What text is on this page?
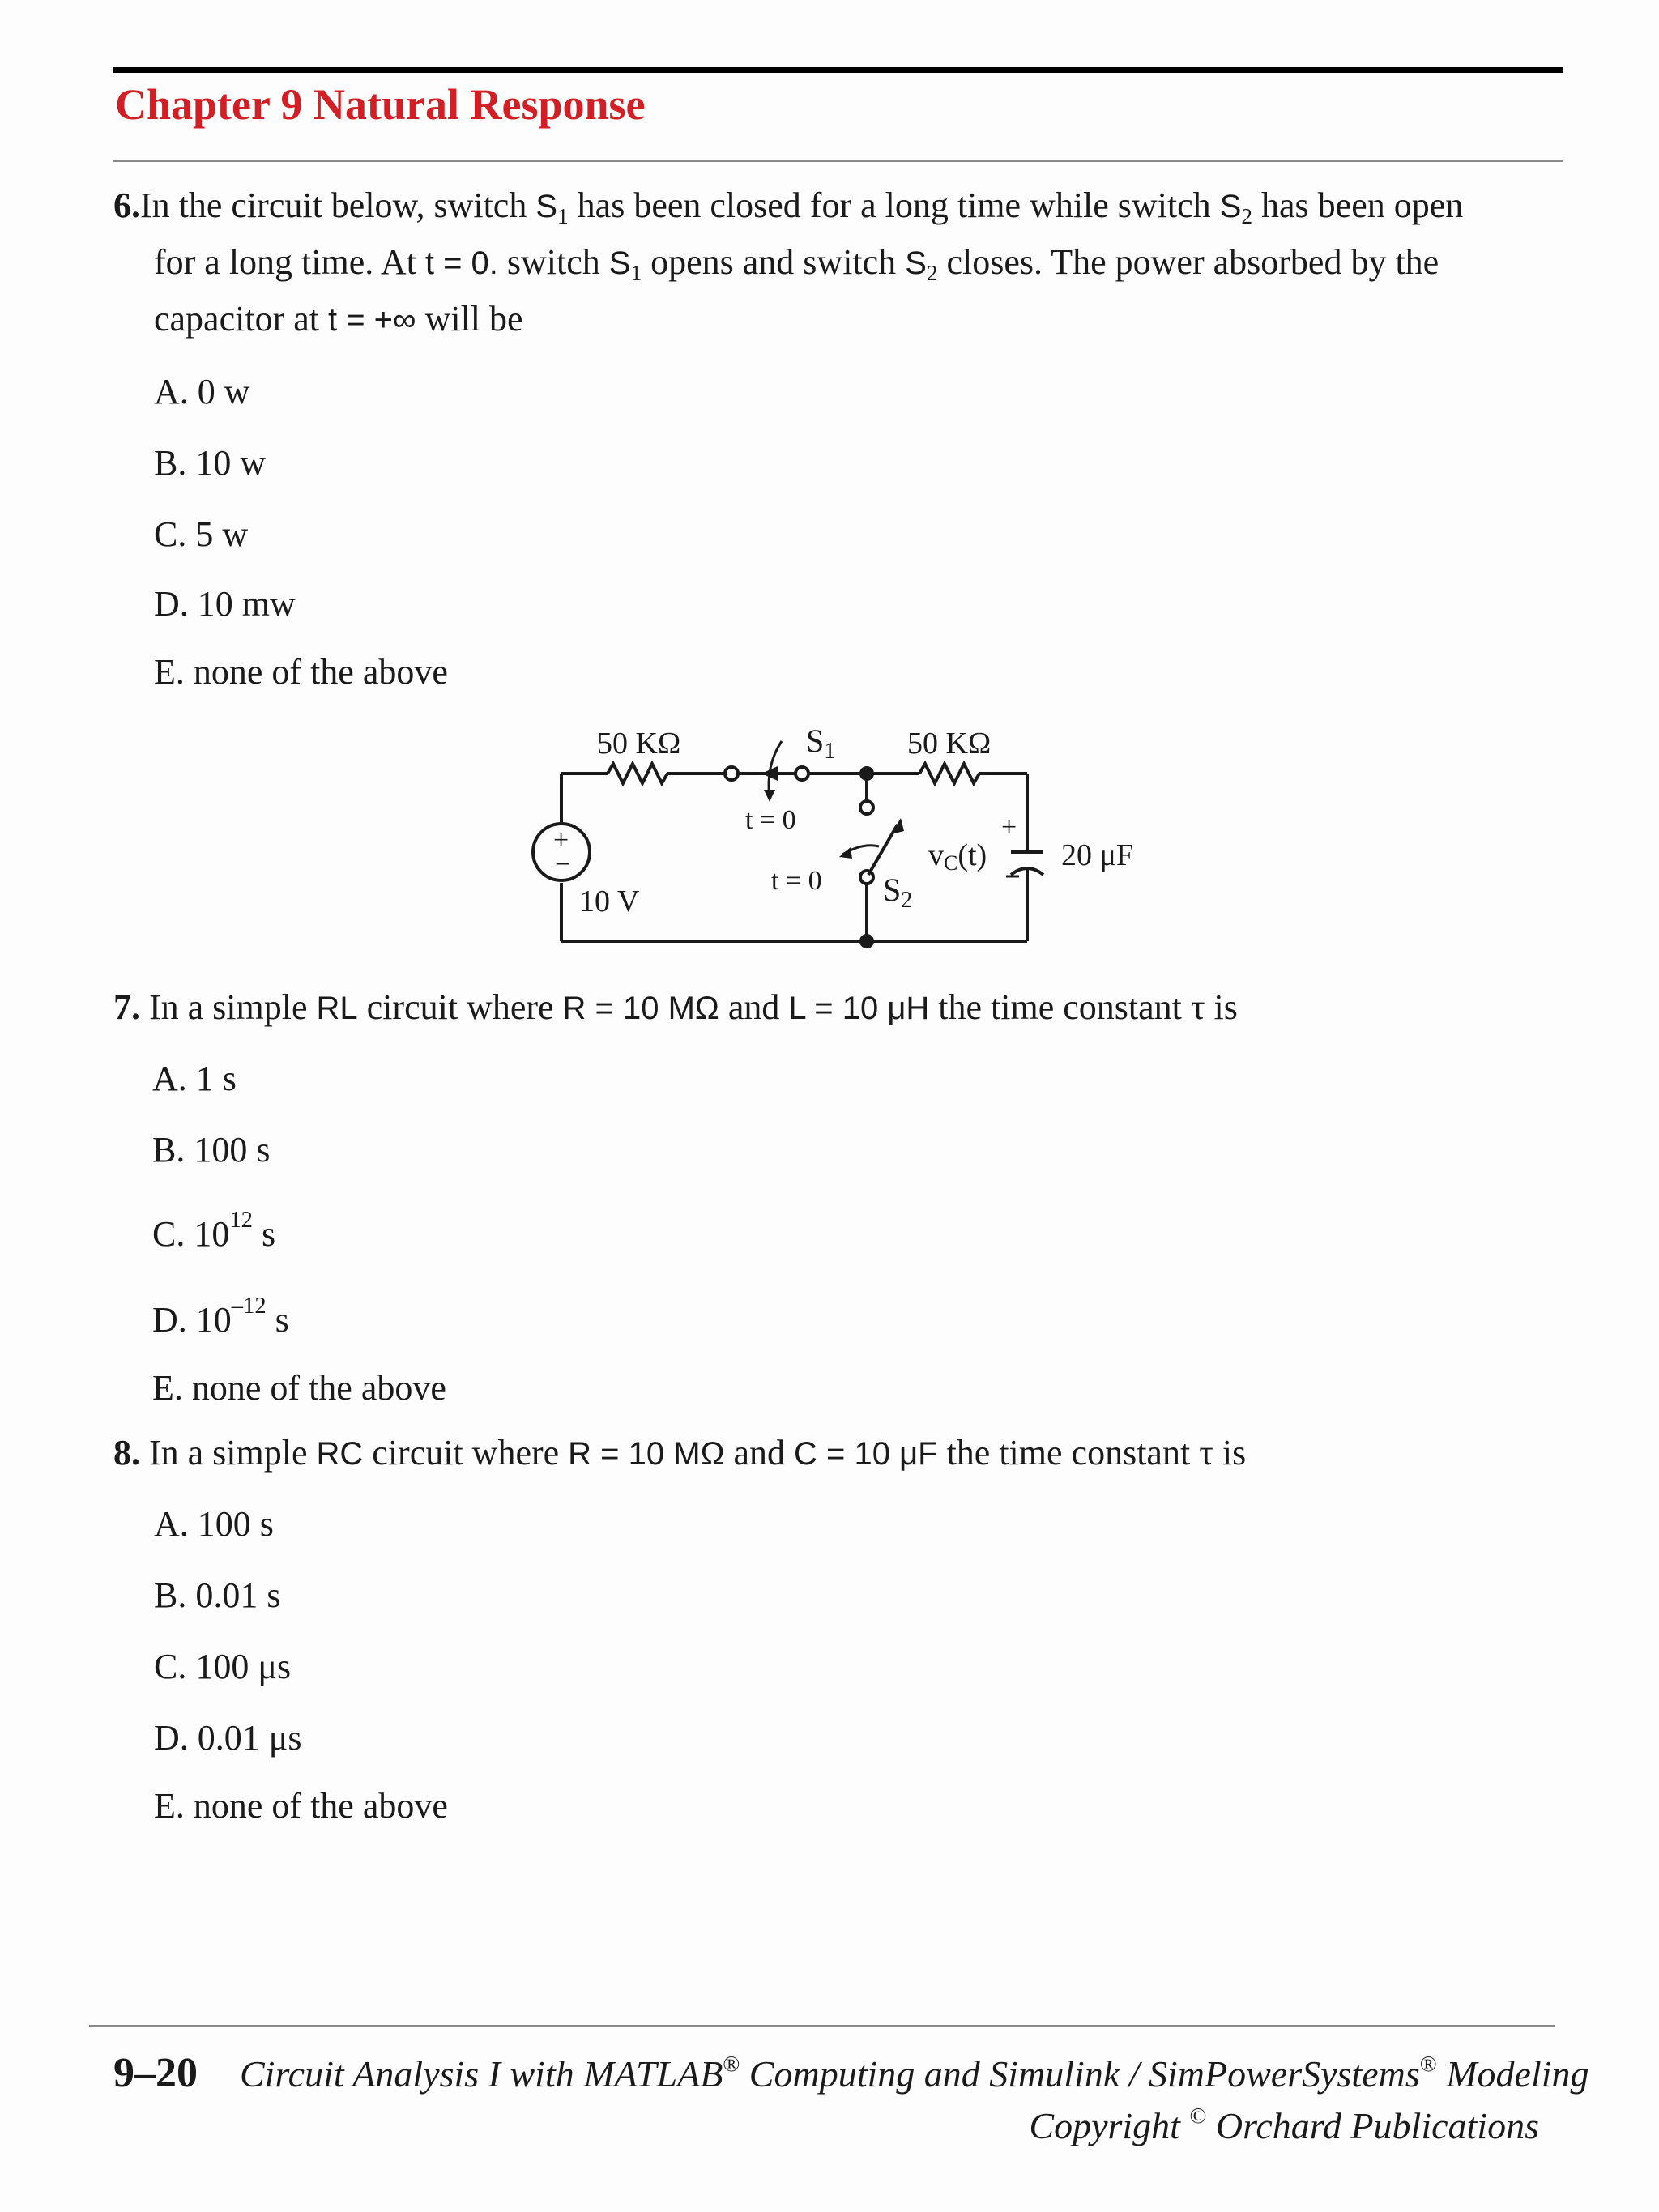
Chapter 9 Natural Response
6.In the circuit below, switch $S_1$ has been closed for a long time while switch $S_2$ has been open
for a long time. At t = 0. switch $S_1$ opens and switch $S_2$ closes. The power absorbed by the
capacitor at t = +∞ will be
A. 0 w
B. 10 w
C. 5 w
D. 10 mw
E. none of the above
50 KΩ	50 KΩ
$S_1$
t = 0
t = 0 $S_2$
10 V
+
−
+
vC(t) 20 μF
7. In a simple RL circuit where R = 10 MΩ and L = 10 μH the time constant τ is
A. 1 s
B. 100 s
C. $10^{12}$ s
D. $10^{-12}$ s
E. none of the above
8. In a simple RC circuit where R = 10 MΩ and C = 10 μF the time constant τ is
A. 100 s
B. 0.01 s
C. 100 μs
D. 0.01 μs
E. none of the above
9–20 Circuit Analysis I with MATLAB® Computing and Simulink / SimPowerSystems® Modeling
Copyright © Orchard Publications
